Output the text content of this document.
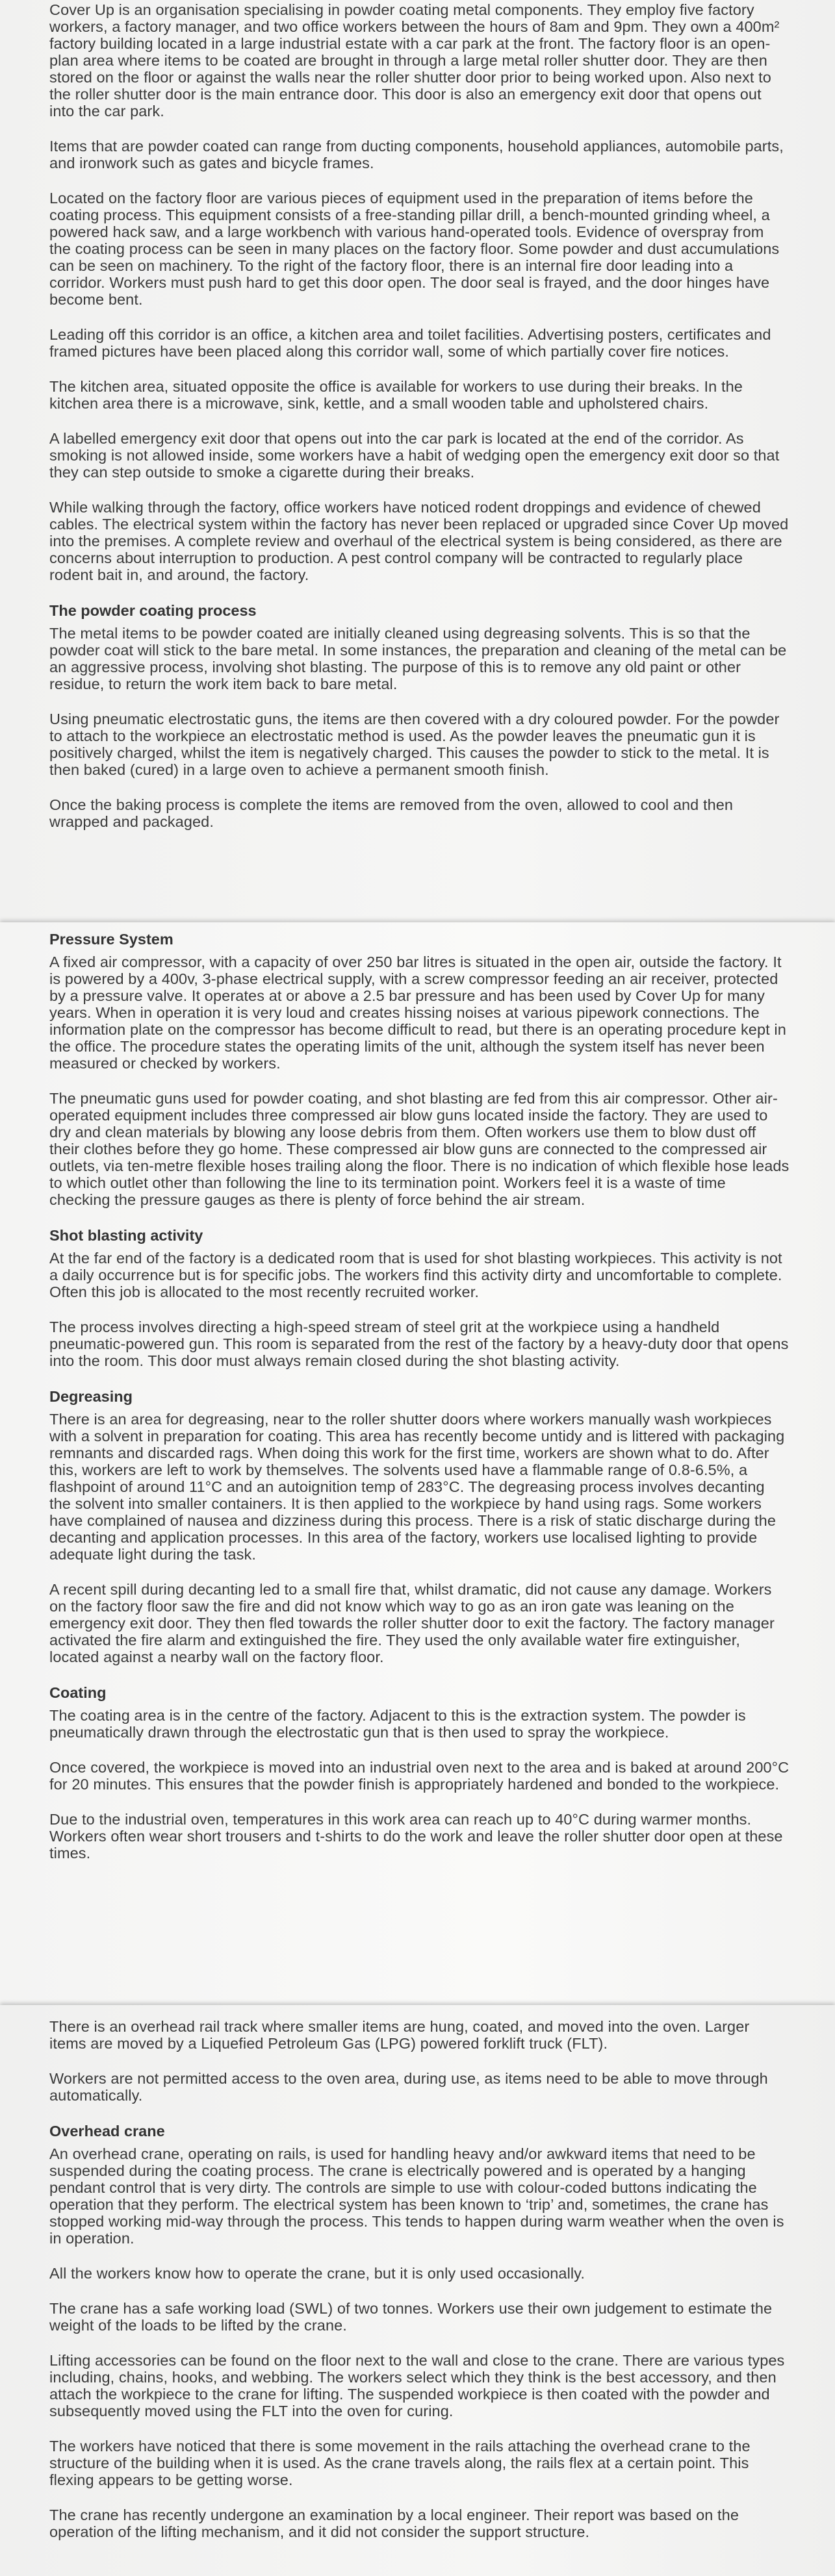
Cover Up is an organisation specialising in powder coating metal components. They employ five factory workers, a factory manager, and two office workers between the hours of 8am and 9pm. They own a 400m² factory building located in a large industrial estate with a car park at the front. The factory floor is an open-plan area where items to be coated are brought in through a large metal roller shutter door. They are then stored on the floor or against the walls near the roller shutter door prior to being worked upon. Also next to the roller shutter door is the main entrance door. This door is also an emergency exit door that opens out into the car park.

Items that are powder coated can range from ducting components, household appliances, automobile parts, and ironwork such as gates and bicycle frames.

Located on the factory floor are various pieces of equipment used in the preparation of items before the coating process. This equipment consists of a free-standing pillar drill, a bench-mounted grinding wheel, a powered hack saw, and a large workbench with various hand-operated tools. Evidence of overspray from the coating process can be seen in many places on the factory floor. Some powder and dust accumulations can be seen on machinery. To the right of the factory floor, there is an internal fire door leading into a corridor. Workers must push hard to get this door open. The door seal is frayed, and the door hinges have become bent.

Leading off this corridor is an office, a kitchen area and toilet facilities. Advertising posters, certificates and framed pictures have been placed along this corridor wall, some of which partially cover fire notices.

The kitchen area, situated opposite the office is available for workers to use during their breaks. In the kitchen area there is a microwave, sink, kettle, and a small wooden table and upholstered chairs.

A labelled emergency exit door that opens out into the car park is located at the end of the corridor. As smoking is not allowed inside, some workers have a habit of wedging open the emergency exit door so that they can step outside to smoke a cigarette during their breaks.

While walking through the factory, office workers have noticed rodent droppings and evidence of chewed cables. The electrical system within the factory has never been replaced or upgraded since Cover Up moved into the premises. A complete review and overhaul of the electrical system is being considered, as there are concerns about interruption to production. A pest control company will be contracted to regularly place rodent bait in, and around, the factory.

The powder coating process

The metal items to be powder coated are initially cleaned using degreasing solvents. This is so that the powder coat will stick to the bare metal. In some instances, the preparation and cleaning of the metal can be an aggressive process, involving shot blasting. The purpose of this is to remove any old paint or other residue, to return the work item back to bare metal.

Using pneumatic electrostatic guns, the items are then covered with a dry coloured powder. For the powder to attach to the workpiece an electrostatic method is used. As the powder leaves the pneumatic gun it is positively charged, whilst the item is negatively charged. This causes the powder to stick to the metal. It is then baked (cured) in a large oven to achieve a permanent smooth finish.

Once the baking process is complete the items are removed from the oven, allowed to cool and then wrapped and packaged.

Pressure System

A fixed air compressor, with a capacity of over 250 bar litres is situated in the open air, outside the factory. It is powered by a 400v, 3-phase electrical supply, with a screw compressor feeding an air receiver, protected by a pressure valve. It operates at or above a 2.5 bar pressure and has been used by Cover Up for many years. When in operation it is very loud and creates hissing noises at various pipework connections. The information plate on the compressor has become difficult to read, but there is an operating procedure kept in the office. The procedure states the operating limits of the unit, although the system itself has never been measured or checked by workers.

The pneumatic guns used for powder coating, and shot blasting are fed from this air compressor. Other air-operated equipment includes three compressed air blow guns located inside the factory. They are used to dry and clean materials by blowing any loose debris from them. Often workers use them to blow dust off their clothes before they go home. These compressed air blow guns are connected to the compressed air outlets, via ten-metre flexible hoses trailing along the floor. There is no indication of which flexible hose leads to which outlet other than following the line to its termination point. Workers feel it is a waste of time checking the pressure gauges as there is plenty of force behind the air stream.

Shot blasting activity

At the far end of the factory is a dedicated room that is used for shot blasting workpieces. This activity is not a daily occurrence but is for specific jobs. The workers find this activity dirty and uncomfortable to complete. Often this job is allocated to the most recently recruited worker.

The process involves directing a high-speed stream of steel grit at the workpiece using a handheld pneumatic-powered gun. This room is separated from the rest of the factory by a heavy-duty door that opens into the room. This door must always remain closed during the shot blasting activity.

Degreasing

There is an area for degreasing, near to the roller shutter doors where workers manually wash workpieces with a solvent in preparation for coating. This area has recently become untidy and is littered with packaging remnants and discarded rags. When doing this work for the first time, workers are shown what to do. After this, workers are left to work by themselves. The solvents used have a flammable range of 0.8-6.5%, a flashpoint of around 11°C and an autoignition temp of 283°C. The degreasing process involves decanting the solvent into smaller containers. It is then applied to the workpiece by hand using rags. Some workers have complained of nausea and dizziness during this process. There is a risk of static discharge during the decanting and application processes. In this area of the factory, workers use localised lighting to provide adequate light during the task.

A recent spill during decanting led to a small fire that, whilst dramatic, did not cause any damage. Workers on the factory floor saw the fire and did not know which way to go as an iron gate was leaning on the emergency exit door. They then fled towards the roller shutter door to exit the factory. The factory manager activated the fire alarm and extinguished the fire. They used the only available water fire extinguisher, located against a nearby wall on the factory floor.

Coating

The coating area is in the centre of the factory. Adjacent to this is the extraction system. The powder is pneumatically drawn through the electrostatic gun that is then used to spray the workpiece.

Once covered, the workpiece is moved into an industrial oven next to the area and is baked at around 200°C for 20 minutes. This ensures that the powder finish is appropriately hardened and bonded to the workpiece.

Due to the industrial oven, temperatures in this work area can reach up to 40°C during warmer months. Workers often wear short trousers and t-shirts to do the work and leave the roller shutter door open at these times.

There is an overhead rail track where smaller items are hung, coated, and moved into the oven. Larger items are moved by a Liquefied Petroleum Gas (LPG) powered forklift truck (FLT).

Workers are not permitted access to the oven area, during use, as items need to be able to move through automatically.

Overhead crane

An overhead crane, operating on rails, is used for handling heavy and/or awkward items that need to be suspended during the coating process. The crane is electrically powered and is operated by a hanging pendant control that is very dirty. The controls are simple to use with colour-coded buttons indicating the operation that they perform. The electrical system has been known to ‘trip’ and, sometimes, the crane has stopped working mid-way through the process. This tends to happen during warm weather when the oven is in operation.

All the workers know how to operate the crane, but it is only used occasionally.

The crane has a safe working load (SWL) of two tonnes. Workers use their own judgement to estimate the weight of the loads to be lifted by the crane.

Lifting accessories can be found on the floor next to the wall and close to the crane. There are various types including, chains, hooks, and webbing. The workers select which they think is the best accessory, and then attach the workpiece to the crane for lifting. The suspended workpiece is then coated with the powder and subsequently moved using the FLT into the oven for curing.

The workers have noticed that there is some movement in the rails attaching the overhead crane to the structure of the building when it is used. As the crane travels along, the rails flex at a certain point. This flexing appears to be getting worse.

The crane has recently undergone an examination by a local engineer. Their report was based on the operation of the lifting mechanism, and it did not consider the support structure.
